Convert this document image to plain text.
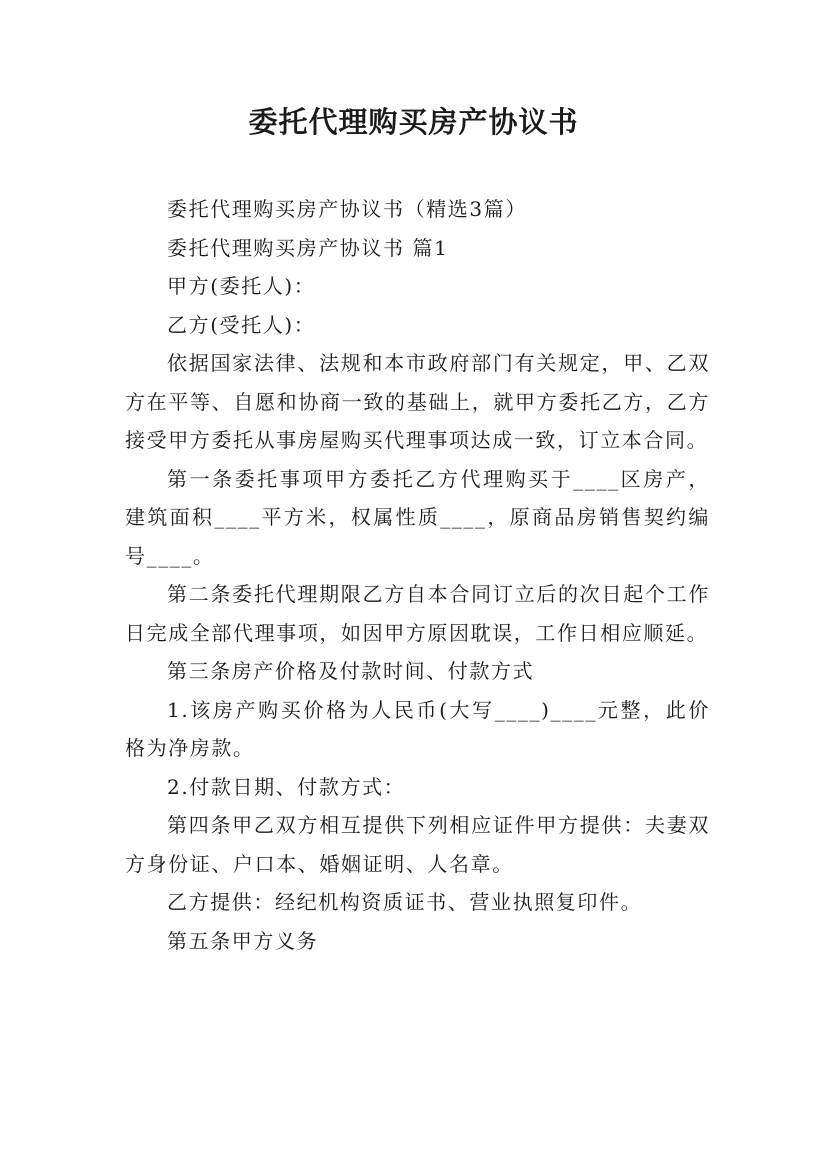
委托代理购买房产协议书

委托代理购买房产协议书（精选3篇）

委托代理购买房产协议书 篇1

甲方(委托人)：

乙方(受托人)：

依据国家法律、法规和本市政府部门有关规定，甲、乙双方在平等、自愿和协商一致的基础上，就甲方委托乙方，乙方接受甲方委托从事房屋购买代理事项达成一致，订立本合同。

第一条委托事项甲方委托乙方代理购买于____区房产，建筑面积____平方米，权属性质____，原商品房销售契约编号____。

第二条委托代理期限乙方自本合同订立后的次日起个工作日完成全部代理事项，如因甲方原因耽误，工作日相应顺延。

第三条房产价格及付款时间、付款方式

1.该房产购买价格为人民币(大写____)____元整，此价格为净房款。

2.付款日期、付款方式：

第四条甲乙双方相互提供下列相应证件甲方提供：夫妻双方身份证、户口本、婚姻证明、人名章。

乙方提供：经纪机构资质证书、营业执照复印件。

第五条甲方义务
